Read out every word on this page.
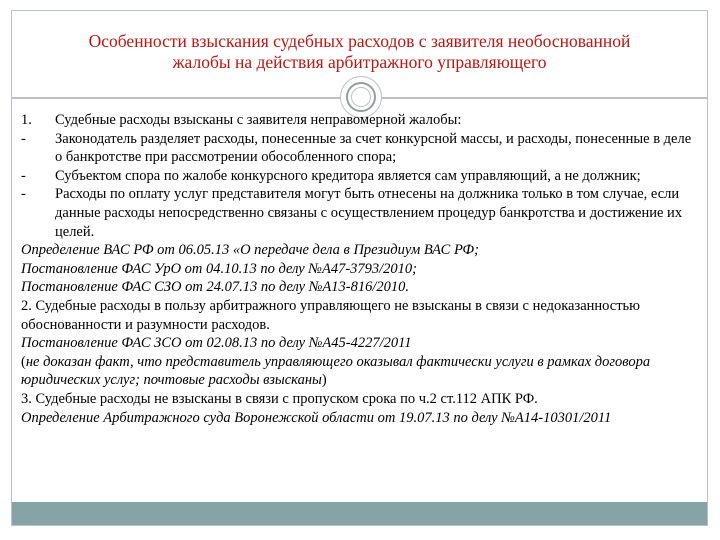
Особенности взыскания судебных расходов с заявителя необоснованной
жалобы на действия арбитражного управляющего
1.	Судебные расходы взысканы с заявителя неправомерной жалобы:
-	Законодатель разделяет расходы, понесенные за счет конкурсной массы, и расходы, понесенные в деле о банкротстве при рассмотрении обособленного спора;
-	Субъектом спора по жалобе конкурсного кредитора является сам управляющий, а не должник;
-	Расходы по оплату услуг представителя могут быть отнесены на должника только в том случае, если данные расходы непосредственно связаны с осуществлением процедур банкротства и достижение их целей.
Определение ВАС РФ от 06.05.13 «О передаче дела в Президиум ВАС РФ;
Постановление ФАС УрО от 04.10.13 по делу №А47-3793/2010;
Постановление ФАС СЗО от 24.07.13 по делу №А13-816/2010.
2. Судебные расходы в пользу арбитражного управляющего не взысканы в связи с недоказанностью обоснованности и разумности расходов.
Постановление ФАС ЗСО от 02.08.13 по делу №А45-4227/2011
(не доказан факт, что представитель управляющего оказывал фактически услуги в рамках договора юридических услуг; почтовые расходы взысканы)
3. Судебные расходы не взысканы в связи с пропуском срока по ч.2 ст.112 АПК РФ.
Определение Арбитражного суда Воронежской области от 19.07.13 по делу №А14-10301/2011
